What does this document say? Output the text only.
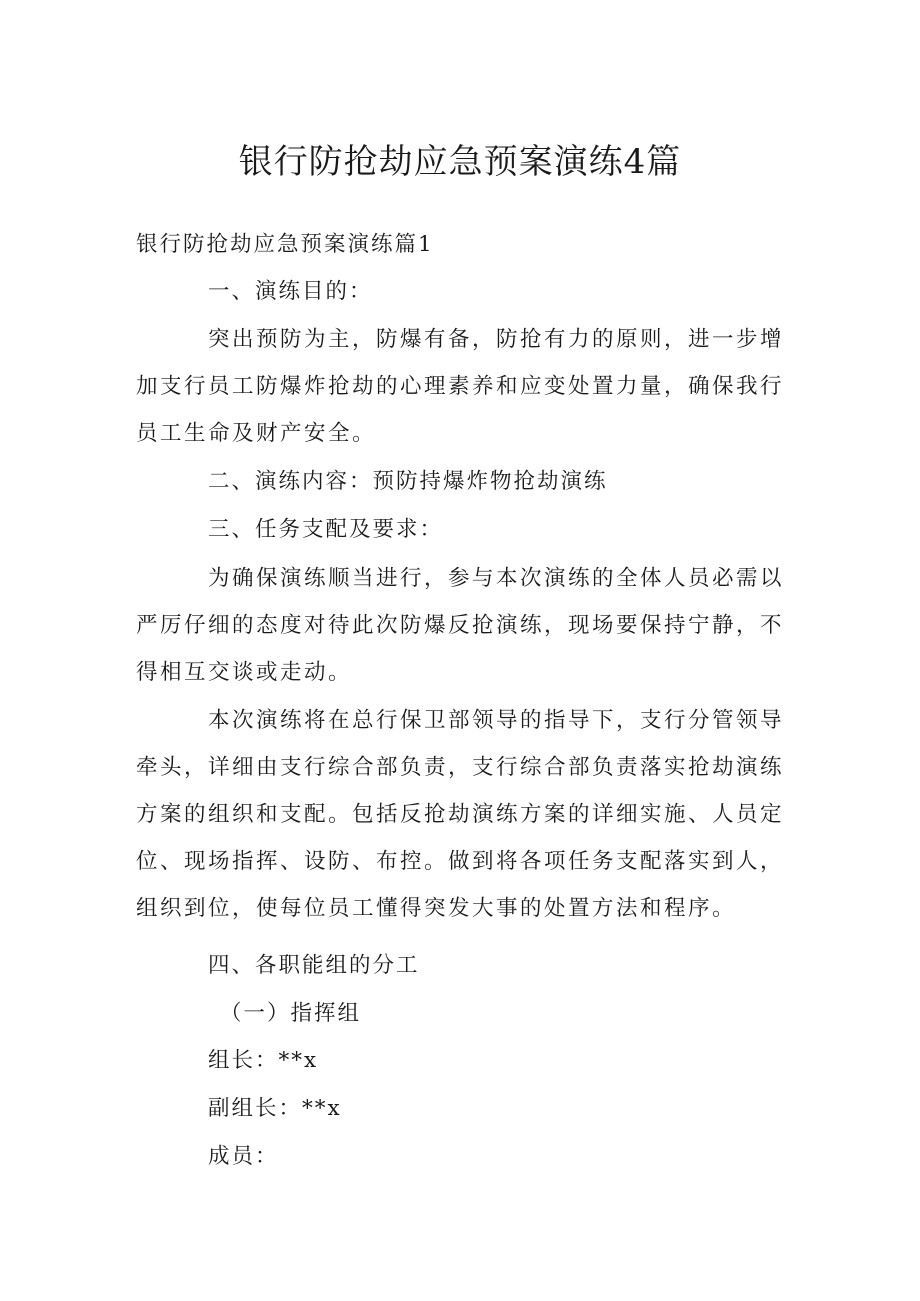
银行防抢劫应急预案演练4篇

银行防抢劫应急预案演练篇1

一、演练目的：

突出预防为主，防爆有备，防抢有力的原则，进一步增加支行员工防爆炸抢劫的心理素养和应变处置力量，确保我行员工生命及财产安全。

二、演练内容：预防持爆炸物抢劫演练

三、任务支配及要求：

为确保演练顺当进行，参与本次演练的全体人员必需以严厉仔细的态度对待此次防爆反抢演练，现场要保持宁静，不得相互交谈或走动。

本次演练将在总行保卫部领导的指导下，支行分管领导牵头，详细由支行综合部负责，支行综合部负责落实抢劫演练方案的组织和支配。包括反抢劫演练方案的详细实施、人员定位、现场指挥、设防、布控。做到将各项任务支配落实到人，组织到位，使每位员工懂得突发大事的处置方法和程序。

四、各职能组的分工

（一）指挥组

组长：**x

副组长：**x

成员：
